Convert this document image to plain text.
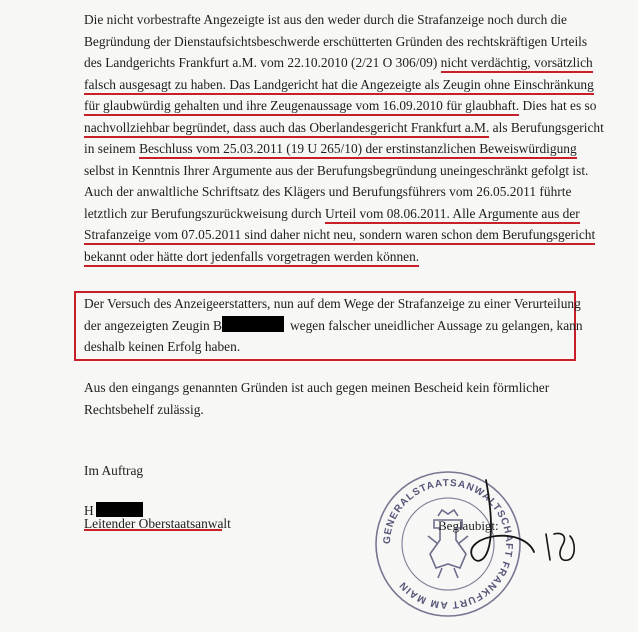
Die nicht vorbestrafte Angezeigte ist aus den weder durch die Strafanzeige noch durch die
Begründung der Dienstaufsichtsbeschwerde erschütterten Gründen des rechtskräftigen Urteils
des Landgerichts Frankfurt a.M. vom 22.10.2010 (2/21 O 306/09) nicht verdächtig, vorsätzlich
falsch ausgesagt zu haben. Das Landgericht hat die Angezeigte als Zeugin ohne Einschränkung
für glaubwürdig gehalten und ihre Zeugenaussage vom 16.09.2010 für glaubhaft. Dies hat es so
nachvollziehbar begründet, dass auch das Oberlandesgericht Frankfurt a.M. als Berufungsgericht
in seinem Beschluss vom 25.03.2011 (19 U 265/10) der erstinstanzlichen Beweiswürdigung
selbst in Kenntnis Ihrer Argumente aus der Berufungsbegründung uneingeschränkt gefolgt ist.
Auch der anwaltliche Schriftsatz des Klägers und Berufungsführers vom 26.05.2011 führte
letztlich zur Berufungszurückweisung durch Urteil vom 08.06.2011. Alle Argumente aus der
Strafanzeige vom 07.05.2011 sind daher nicht neu, sondern waren schon dem Berufungsgericht
bekannt oder hätte dort jedenfalls vorgetragen werden können.
Der Versuch des Anzeigeerstatters, nun auf dem Wege der Strafanzeige zu einer Verurteilung
der angezeigten Zeugin B	wegen falscher uneidlicher Aussage zu gelangen, kann
deshalb keinen Erfolg haben.
Aus den eingangs genannten Gründen ist auch gegen meinen Bescheid kein förmlicher
Rechtsbehelf zulässig.
Im Auftrag
H
Leitender Oberstaatsanwalt
GENERALSTAATSANWALTSCHAFT FRANKFURT AM MAIN
Beglaubigt:
